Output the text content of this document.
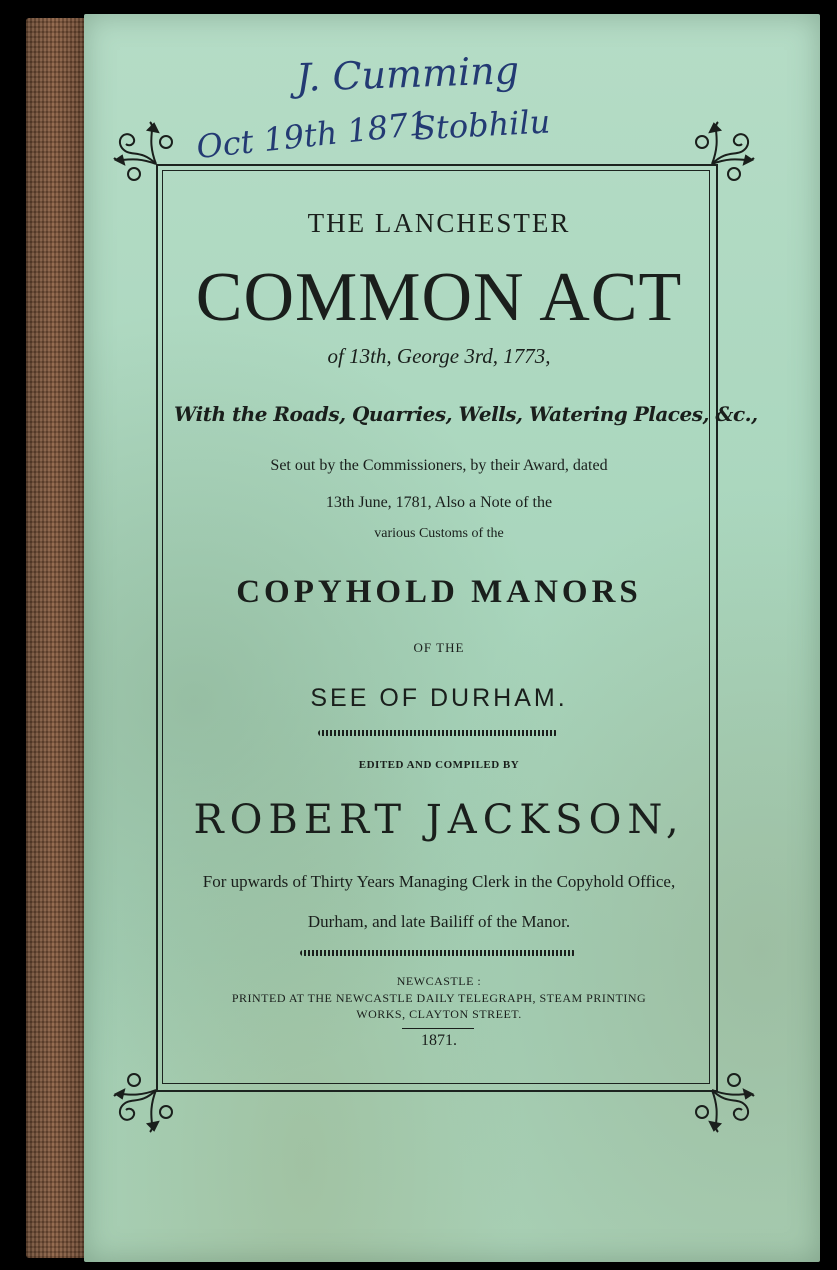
J. Cumming
Oct 19th 1871
Stobhilu
THE LANCHESTER
COMMON ACT
of 13th, George 3rd, 1773,
With the Roads, Quarries, Wells, Watering Places, &c.,
Set out by the Commissioners, by their Award, dated
13th June, 1781, Also a Note of the
various Customs of the
COPYHOLD MANORS
OF THE
SEE OF DURHAM.
EDITED AND COMPILED BY
ROBERT JACKSON,
For upwards of Thirty Years Managing Clerk in the Copyhold Office,
Durham, and late Bailiff of the Manor.
NEWCASTLE :
PRINTED AT THE NEWCASTLE DAILY TELEGRAPH, STEAM PRINTING
WORKS, CLAYTON STREET.
1871.
